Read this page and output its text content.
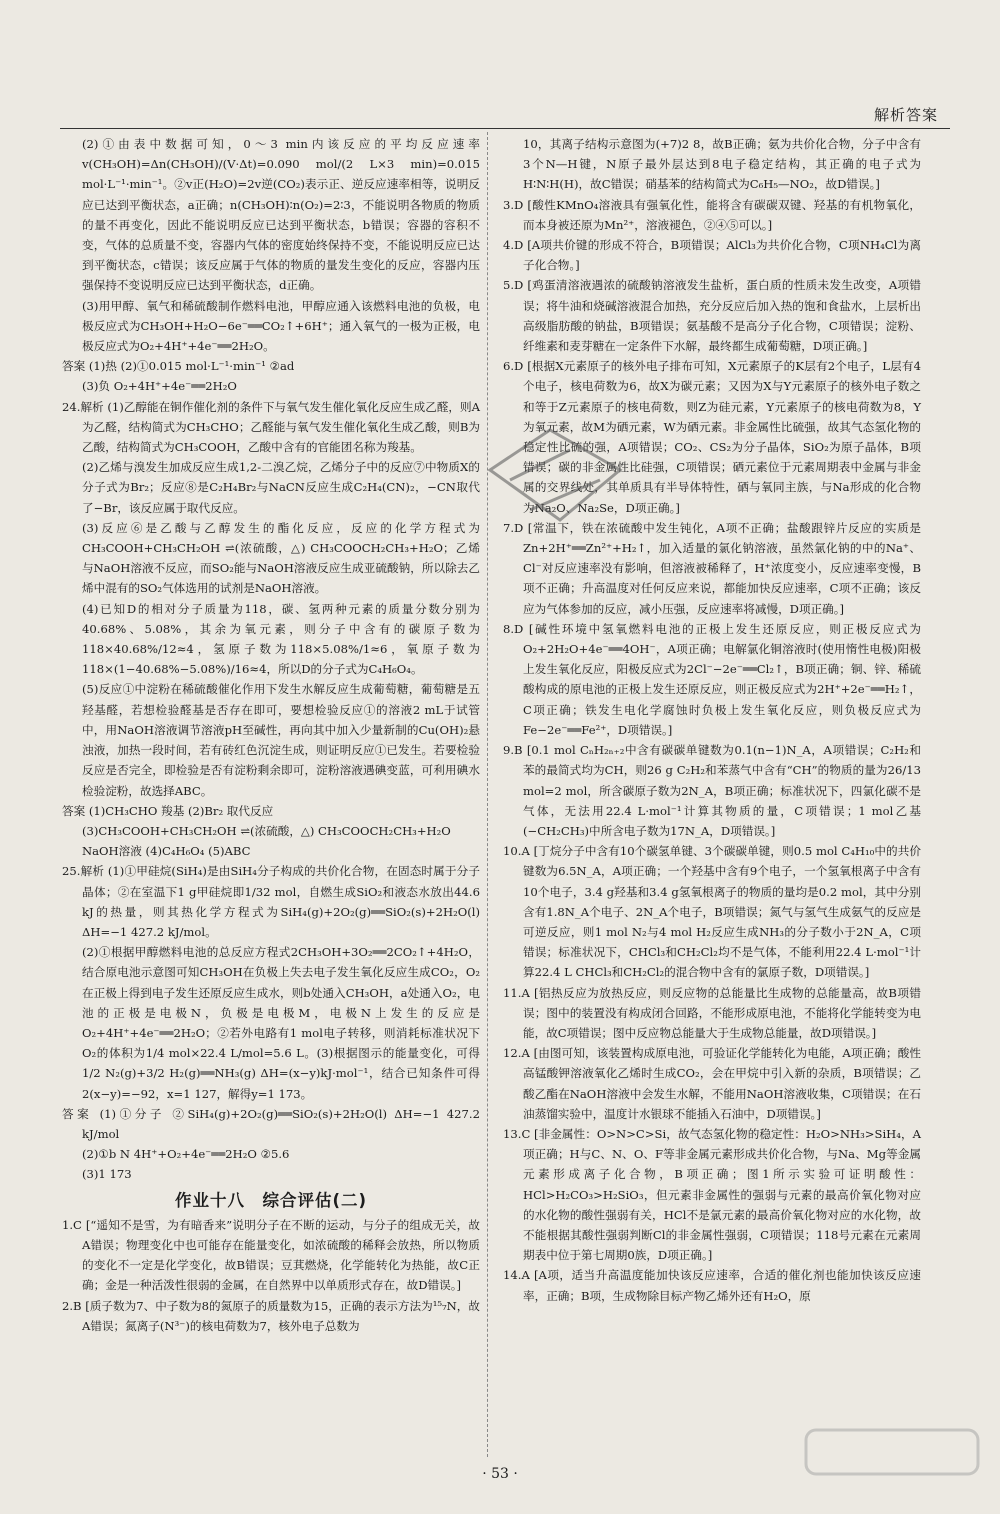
解析答案

(2)①由表中数据可知，0～3 min内该反应的平均反应速率v(CH₃OH)=Δn(CH₃OH)/(V·Δt)=0.090 mol/(2 L×3 min)=0.015 mol·L⁻¹·min⁻¹。②v正(H₂O)=2v逆(CO₂)表示正、逆反应速率相等，说明反应已达到平衡状态，a正确；n(CH₃OH)∶n(O₂)=2∶3，不能说明各物质的物质的量不再变化，因此不能说明反应已达到平衡状态，b错误；容器的容积不变，气体的总质量不变，容器内气体的密度始终保持不变，不能说明反应已达到平衡状态，c错误；该反应属于气体的物质的量发生变化的反应，容器内压强保持不变说明反应已达到平衡状态，d正确。

(3)用甲醇、氧气和稀硫酸制作燃料电池，甲醇应通入该燃料电池的负极，电极反应式为CH₃OH+H₂O−6e⁻══CO₂↑+6H⁺；通入氧气的一极为正极，电极反应式为O₂+4H⁺+4e⁻══2H₂O。

答案 (1)热 (2)①0.015 mol·L⁻¹·min⁻¹ ②ad

(3)负 O₂+4H⁺+4e⁻══2H₂O

24.解析 (1)乙醇能在铜作催化剂的条件下与氧气发生催化氧化反应生成乙醛，则A为乙醛，结构简式为CH₃CHO；乙醛能与氧气发生催化氧化生成乙酸，则B为乙酸，结构简式为CH₃COOH，乙酸中含有的官能团名称为羧基。

(2)乙烯与溴发生加成反应生成1,2-二溴乙烷，乙烯分子中的反应⑦中物质X的分子式为Br₂；反应⑧是C₂H₄Br₂与NaCN反应生成C₂H₄(CN)₂，−CN取代了−Br，该反应属于取代反应。

(3)反应⑥是乙酸与乙醇发生的酯化反应，反应的化学方程式为CH₃COOH+CH₃CH₂OH ⇌(浓硫酸，△) CH₃COOCH₂CH₃+H₂O；乙烯与NaOH溶液不反应，而SO₂能与NaOH溶液反应生成亚硫酸钠，所以除去乙烯中混有的SO₂气体选用的试剂是NaOH溶液。

(4)已知D的相对分子质量为118，碳、氢两种元素的质量分数分别为40.68%、5.08%，其余为氧元素，则分子中含有的碳原子数为118×40.68%/12≈4，氢原子数为118×5.08%/1≈6，氧原子数为118×(1−40.68%−5.08%)/16≈4，所以D的分子式为C₄H₆O₄。

(5)反应①中淀粉在稀硫酸催化作用下发生水解反应生成葡萄糖，葡萄糖是五羟基醛，若想检验醛基是否存在即可，要想检验反应①的溶液2 mL于试管中，用NaOH溶液调节溶液pH至碱性，再向其中加入少量新制的Cu(OH)₂悬浊液，加热一段时间，若有砖红色沉淀生成，则证明反应①已发生。若要检验反应是否完全，即检验是否有淀粉剩余即可，淀粉溶液遇碘变蓝，可利用碘水检验淀粉，故选择ABC。

答案 (1)CH₃CHO 羧基 (2)Br₂ 取代反应

(3)CH₃COOH+CH₃CH₂OH ⇌(浓硫酸，△) CH₃COOCH₂CH₃+H₂O

NaOH溶液 (4)C₄H₆O₄ (5)ABC

25.解析 (1)①甲硅烷(SiH₄)是由SiH₄分子构成的共价化合物，在固态时属于分子晶体；②在室温下1 g甲硅烷即1/32 mol，自燃生成SiO₂和液态水放出44.6 kJ的热量，则其热化学方程式为SiH₄(g)+2O₂(g)══SiO₂(s)+2H₂O(l) ΔH=−1 427.2 kJ/mol。

(2)①根据甲醇燃料电池的总反应方程式2CH₃OH+3O₂══2CO₂↑+4H₂O，结合原电池示意图可知CH₃OH在负极上失去电子发生氧化反应生成CO₂，O₂在正极上得到电子发生还原反应生成水，则b处通入CH₃OH，a处通入O₂，电池的正极是电极N，负极是电极M，电极N上发生的反应是O₂+4H⁺+4e⁻══2H₂O；②若外电路有1 mol电子转移，则消耗标准状况下O₂的体积为1/4 mol×22.4 L/mol=5.6 L。(3)根据图示的能量变化，可得1/2 N₂(g)+3/2 H₂(g)══NH₃(g) ΔH=(x−y)kJ·mol⁻¹，结合已知条件可得2(x−y)=−92，x=1 127，解得y=1 173。

答案 (1)①分子 ②SiH₄(g)+2O₂(g)══SiO₂(s)+2H₂O(l) ΔH=−1 427.2 kJ/mol

(2)①b N 4H⁺+O₂+4e⁻══2H₂O ②5.6

(3)1 173

作业十八　综合评估(二)

1.C [“遥知不是雪，为有暗香来”说明分子在不断的运动，与分子的组成无关，故A错误；物理变化中也可能存在能量变化，如浓硫酸的稀释会放热，所以物质的变化不一定是化学变化，故B错误；豆萁燃烧，化学能转化为热能，故C正确；金是一种活泼性很弱的金属，在自然界中以单质形式存在，故D错误。]

2.B [质子数为7、中子数为8的氮原子的质量数为15，正确的表示方法为¹⁵₇N，故A错误；氮离子(N³⁻)的核电荷数为7，核外电子总数为

10，其离子结构示意图为(+7)2 8，故B正确；氨为共价化合物，分子中含有3个N—H键，N原子最外层达到8电子稳定结构，其正确的电子式为H∶N∶H(H)，故C错误；硝基苯的结构简式为C₆H₅—NO₂，故D错误。]

3.D [酸性KMnO₄溶液具有强氧化性，能将含有碳碳双键、羟基的有机物氧化，而本身被还原为Mn²⁺，溶液褪色，②④⑤可以。]

4.D [A项共价键的形成不符合，B项错误；AlCl₃为共价化合物，C项NH₄Cl为离子化合物。]

5.D [鸡蛋清溶液遇浓的硫酸钠溶液发生盐析，蛋白质的性质未发生改变，A项错误；将牛油和烧碱溶液混合加热，充分反应后加入热的饱和食盐水，上层析出高级脂肪酸的钠盐，B项错误；氨基酸不是高分子化合物，C项错误；淀粉、纤维素和麦芽糖在一定条件下水解，最终都生成葡萄糖，D项正确。]

6.D [根据X元素原子的核外电子排布可知，X元素原子的K层有2个电子，L层有4个电子，核电荷数为6，故X为碳元素；又因为X与Y元素原子的核外电子数之和等于Z元素原子的核电荷数，则Z为硅元素，Y元素原子的核电荷数为8，Y为氧元素，故M为硒元素，W为硒元素。非金属性比硫强，故其气态氢化物的稳定性比硫的强，A项错误；CO₂、CS₂为分子晶体，SiO₂为原子晶体，B项错误；碳的非金属性比硅强，C项错误；硒元素位于元素周期表中金属与非金属的交界线处，其单质具有半导体特性，硒与氧同主族，与Na形成的化合物为Na₂O、Na₂Se，D项正确。]

7.D [常温下，铁在浓硫酸中发生钝化，A项不正确；盐酸跟锌片反应的实质是Zn+2H⁺══Zn²⁺+H₂↑，加入适量的氯化钠溶液，虽然氯化钠的中的Na⁺、Cl⁻对反应速率没有影响，但溶液被稀释了，H⁺浓度变小，反应速率变慢，B项不正确；升高温度对任何反应来说，都能加快反应速率，C项不正确；该反应为气体参加的反应，减小压强，反应速率将减慢，D项正确。]

8.D [碱性环境中氢氧燃料电池的正极上发生还原反应，则正极反应式为O₂+2H₂O+4e⁻══4OH⁻，A项正确；电解氯化铜溶液时(使用惰性电极)阳极上发生氧化反应，阳极反应式为2Cl⁻−2e⁻══Cl₂↑，B项正确；铜、锌、稀硫酸构成的原电池的正极上发生还原反应，则正极反应式为2H⁺+2e⁻══H₂↑，C项正确；铁发生电化学腐蚀时负极上发生氧化反应，则负极反应式为Fe−2e⁻══Fe²⁺，D项错误。]

9.B [0.1 mol CₙH₂ₙ₊₂中含有碳碳单键数为0.1(n−1)N_A，A项错误；C₂H₂和苯的最简式均为CH，则26 g C₂H₂和苯蒸气中含有“CH”的物质的量为26/13 mol=2 mol，所含碳原子数为2N_A，B项正确；标准状况下，四氯化碳不是气体，无法用22.4 L·mol⁻¹计算其物质的量，C项错误；1 mol乙基(−CH₂CH₃)中所含电子数为17N_A，D项错误。]

10.A [丁烷分子中含有10个碳氢单键、3个碳碳单键，则0.5 mol C₄H₁₀中的共价键数为6.5N_A，A项正确；一个羟基中含有9个电子，一个氢氧根离子中含有10个电子，3.4 g羟基和3.4 g氢氧根离子的物质的量均是0.2 mol，其中分别含有1.8N_A个电子、2N_A个电子，B项错误；氮气与氢气生成氨气的反应是可逆反应，则1 mol N₂与4 mol H₂反应生成NH₃的分子数小于2N_A，C项错误；标准状况下，CHCl₃和CH₂Cl₂均不是气体，不能利用22.4 L·mol⁻¹计算22.4 L CHCl₃和CH₂Cl₂的混合物中含有的氯原子数，D项错误。]

11.A [铝热反应为放热反应，则反应物的总能量比生成物的总能量高，故B项错误；图中的装置没有构成闭合回路，不能形成原电池，不能将化学能转变为电能，故C项错误；图中反应物总能量大于生成物总能量，故D项错误。]

12.A [由图可知，该装置构成原电池，可验证化学能转化为电能，A项正确；酸性高锰酸钾溶液氧化乙烯时生成CO₂，会在甲烷中引入新的杂质，B项错误；乙酸乙酯在NaOH溶液中会发生水解，不能用NaOH溶液收集，C项错误；在石油蒸馏实验中，温度计水银球不能插入石油中，D项错误。]

13.C [非金属性：O>N>C>Si，故气态氢化物的稳定性：H₂O>NH₃>SiH₄，A项正确；H与C、N、O、F等非金属元素形成共价化合物，与Na、Mg等金属元素形成离子化合物，B项正确；图1所示实验可证明酸性：HCl>H₂CO₃>H₂SiO₃，但元素非金属性的强弱与元素的最高价氧化物对应的水化物的酸性强弱有关，HCl不是氯元素的最高价氧化物对应的水化物，故不能根据其酸性强弱判断Cl的非金属性强弱，C项错误；118号元素在元素周期表中位于第七周期0族，D项正确。]

14.A [A项，适当升高温度能加快该反应速率，合适的催化剂也能加快该反应速率，正确；B项，生成物除目标产物乙烯外还有H₂O，原

· 53 ·
